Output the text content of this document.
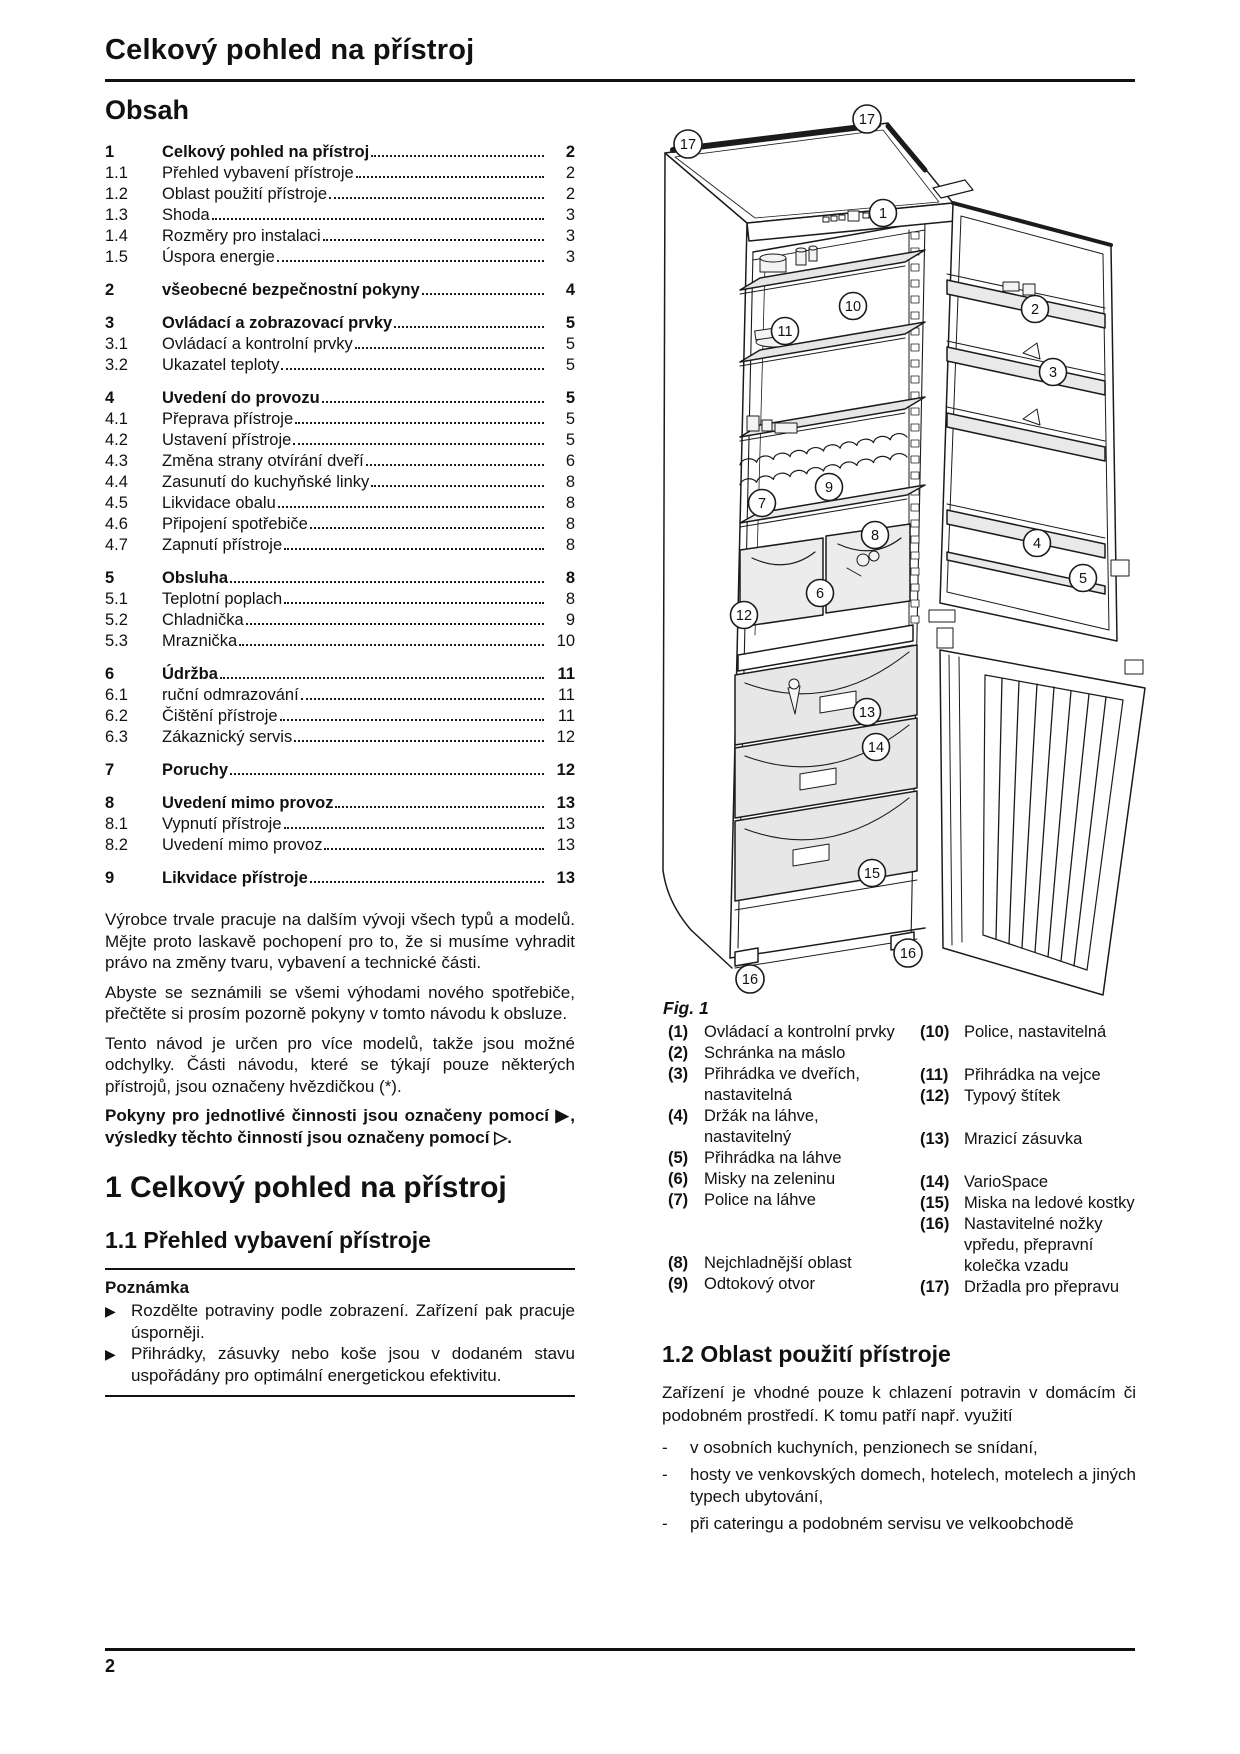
Celkový pohled na přístroj
Obsah
1	Celkový pohled na přístroj	2
1.1	Přehled vybavení přístroje	2
1.2	Oblast použití přístroje	2
1.3	Shoda	3
1.4	Rozměry pro instalaci	3
1.5	Úspora energie	3
2	všeobecné bezpečnostní pokyny	4
3	Ovládací a zobrazovací prvky	5
3.1	Ovládací a kontrolní prvky	5
3.2	Ukazatel teploty	5
4	Uvedení do provozu	5
4.1	Přeprava přístroje	5
4.2	Ustavení přístroje	5
4.3	Změna strany otvírání dveří	6
4.4	Zasunutí do kuchyňské linky	8
4.5	Likvidace obalu	8
4.6	Připojení spotřebiče	8
4.7	Zapnutí přístroje	8
5	Obsluha	8
5.1	Teplotní poplach	8
5.2	Chladnička	9
5.3	Mraznička	10
6	Údržba	11
6.1	ruční odmrazování	11
6.2	Čištění přístroje	11
6.3	Zákaznický servis	12
7	Poruchy	12
8	Uvedení mimo provoz	13
8.1	Vypnutí přístroje	13
8.2	Uvedení mimo provoz	13
9	Likvidace přístroje	13

Výrobce trvale pracuje na dalším vývoji všech typů a modelů. Mějte proto laskavě pochopení pro to, že si musíme vyhradit právo na změny tvaru, vybavení a technické části.

Abyste se seznámili se všemi výhodami nového spotřebiče, přečtěte si prosím pozorně pokyny v tomto návodu k obsluze.

Tento návod je určen pro více modelů, takže jsou možné odchylky. Části návodu, které se týkají pouze některých přístrojů, jsou označeny hvězdičkou (*).

Pokyny pro jednotlivé činnosti jsou označeny pomocí ▶, výsledky těchto činností jsou označeny pomocí ▷.

1 Celkový pohled na přístroj
1.1 Přehled vybavení přístroje
Poznámka
▶ Rozdělte potraviny podle zobrazení. Zařízení pak pracuje úsporněji.
▶ Přihrádky, zásuvky nebo koše jsou v dodaném stavu uspořádány pro optimální energetickou efektivitu.
17
17
1
10
11
2
3
9
7
8	4
5
6
12
13
14
15
16
16
Fig. 1
(1) Ovládací a kontrolní prvky
(2) Schránka na máslo
(3) Přihrádka ve dveřích, nastavitelná
(4) Držák na láhve, nastavitelný
(5) Přihrádka na láhve
(6) Misky na zeleninu
(7) Police na láhve
(8) Nejchladnější oblast
(9) Odtokový otvor
(10) Police, nastavitelná
(11) Přihrádka na vejce
(12) Typový štítek
(13) Mrazicí zásuvka
(14) VarioSpace
(15) Miska na ledové kostky
(16) Nastavitelné nožky vpředu, přepravní kolečka vzadu
(17) Držadla pro přepravu
1.2 Oblast použití přístroje

Zařízení je vhodné pouze k chlazení potravin v domácím či podobném prostředí. K tomu patří např. využití

-	v osobních kuchyních, penzionech se snídaní,
-	hosty ve venkovských domech, hotelech, motelech a jiných typech ubytování,
-	při cateringu a podobném servisu ve velkoobchodě
2
